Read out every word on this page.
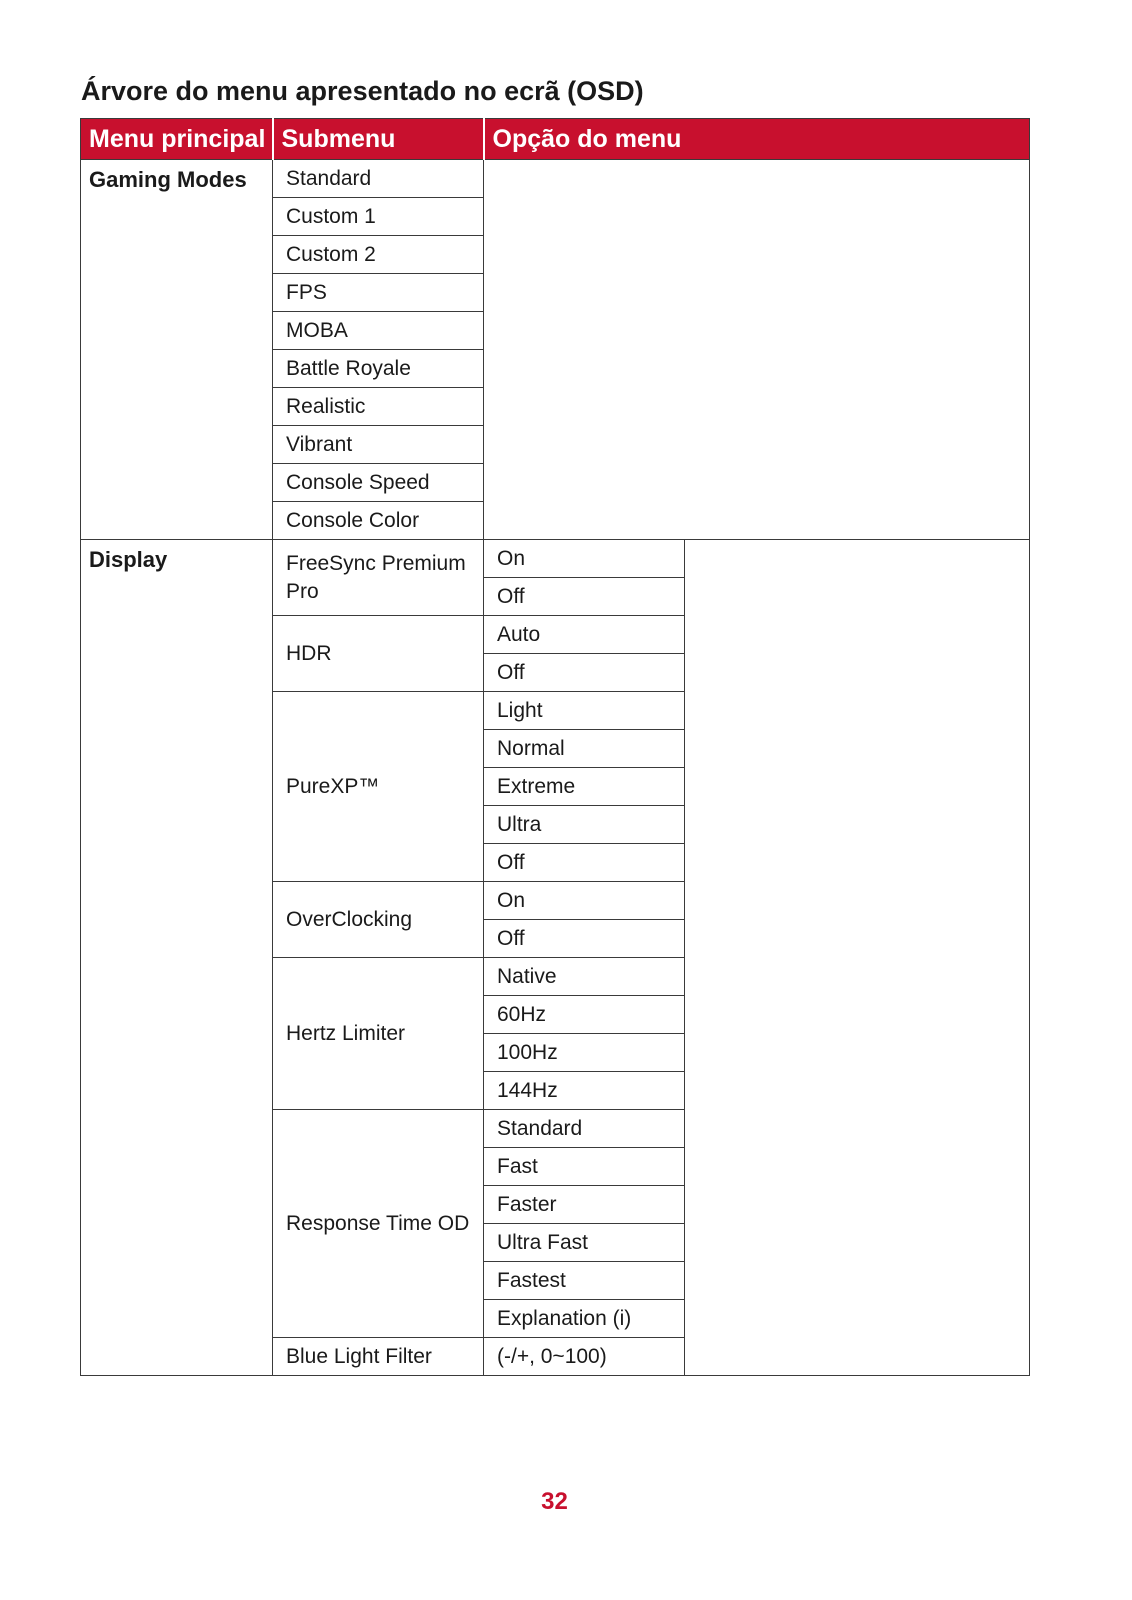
Árvore do menu apresentado no ecrã (OSD)
Menu principal	Submenu	Opção do menu	
Gaming Modes	Standard		
	Custom 1		
	Custom 2		
	FPS		
	MOBA		
	Battle Royale		
	Realistic		
	Vibrant		
	Console Speed		
	Console Color		
Display	FreeSync Premium Pro	On	
		Off	
	HDR	Auto	
		Off	
	PureXP™	Light	
		Normal	
		Extreme	
		Ultra	
		Off	
	OverClocking	On	
		Off	
	Hertz Limiter	Native	
		60Hz	
		100Hz	
		144Hz	
	Response Time OD	Standard	
		Fast	
		Faster	
		Ultra Fast	
		Fastest	
		Explanation (i)	
	Blue Light Filter	(-/+, 0~100)	
32
